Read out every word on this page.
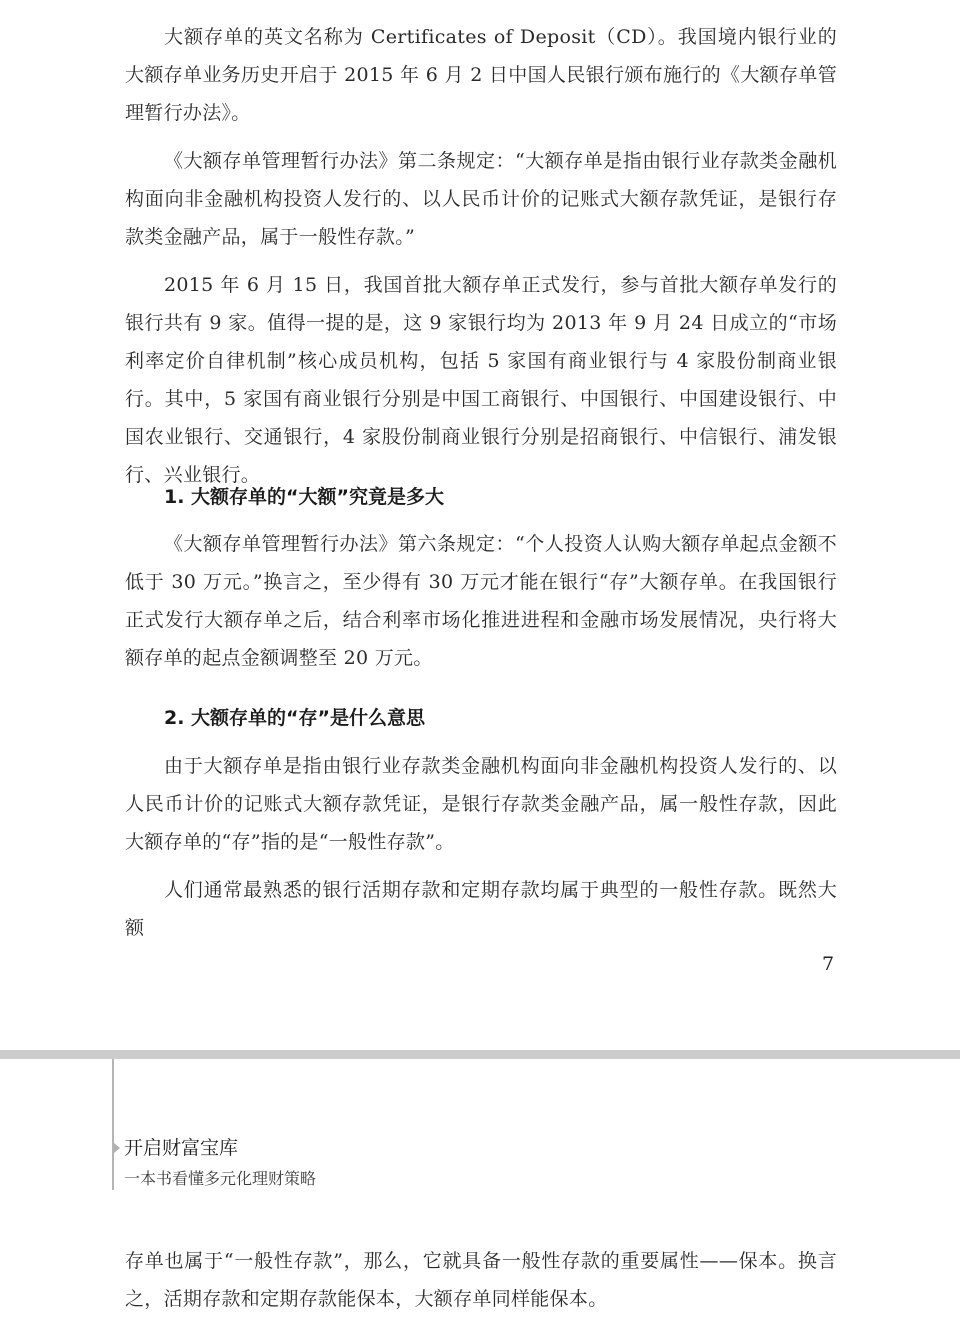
大额存单的英文名称为 Certificates of Deposit（CD）。我国境内银行业的大额存单业务历史开启于 2015 年 6 月 2 日中国人民银行颁布施行的《大额存单管理暂行办法》。

《大额存单管理暂行办法》第二条规定：“大额存单是指由银行业存款类金融机构面向非金融机构投资人发行的、以人民币计价的记账式大额存款凭证，是银行存款类金融产品，属于一般性存款。”

2015 年 6 月 15 日，我国首批大额存单正式发行，参与首批大额存单发行的银行共有 9 家。值得一提的是，这 9 家银行均为 2013 年 9 月 24 日成立的“市场利率定价自律机制”核心成员机构，包括 5 家国有商业银行与 4 家股份制商业银行。其中，5 家国有商业银行分别是中国工商银行、中国银行、中国建设银行、中国农业银行、交通银行，4 家股份制商业银行分别是招商银行、中信银行、浦发银行、兴业银行。

1. 大额存单的“大额”究竟是多大

《大额存单管理暂行办法》第六条规定：“个人投资人认购大额存单起点金额不低于 30 万元。”换言之，至少得有 30 万元才能在银行“存”大额存单。在我国银行正式发行大额存单之后，结合利率市场化推进进程和金融市场发展情况，央行将大额存单的起点金额调整至 20 万元。

2. 大额存单的“存”是什么意思

由于大额存单是指由银行业存款类金融机构面向非金融机构投资人发行的、以人民币计价的记账式大额存款凭证，是银行存款类金融产品，属一般性存款，因此大额存单的“存”指的是“一般性存款”。

人们通常最熟悉的银行活期存款和定期存款均属于典型的一般性存款。既然大额

7
开启财富宝库
一本书看懂多元化理财策略

存单也属于“一般性存款”，那么，它就具备一般性存款的重要属性——保本。换言之，活期存款和定期存款能保本，大额存单同样能保本。
